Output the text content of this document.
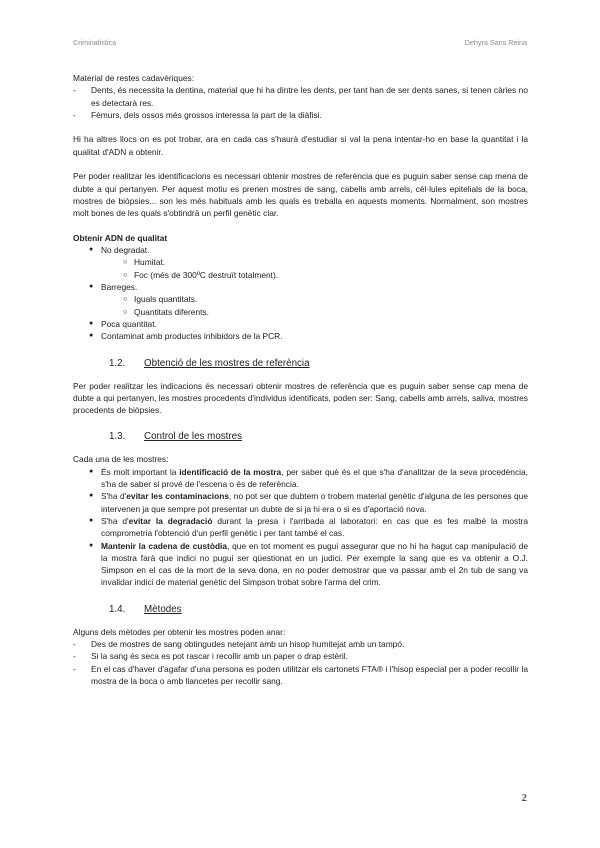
Criminalística	Dehyra Sans Reina

Material de restes cadavèriques:

- Dents, és necessita la dentina, material que hi ha dintre les dents, per tant han de ser dents sanes, si tenen càries no es detectarà res.
- Fèmurs, dels ossos més grossos interessa la part de la diàfisi.

Hi ha altres llocs on es pot trobar, ara en cada cas s'haurà d'estudiar si val la pena intentar-ho en base la quantitat i la qualitat d'ADN a obtenir.

Per poder realitzar les identificacions es necessari obtenir mostres de referència que es puguin saber sense cap mena de dubte a qui pertanyen. Per aquest motiu es prenen mostres de sang, cabells amb arrels, cèl·lules epitelials de la boca, mostres de biòpsies... son les més habituals amb les quals es treballa en aquests moments. Normalment, son mostres molt bones de les quals s'obtindrà un perfil genètic clar.

Obtenir ADN de qualitat

● No degradat.
○ Humitat.
○ Foc (més de 300ºC destruït totalment).
● Barreges.
○ Iguals quantitats.
○ Quantitats diferents.
● Poca quantitat.
● Contaminat amb productes inhibidors de la PCR.
1.2.	Obtenció de les mostres de referència

Per poder realitzar les indicacions és necessari obtenir mostres de referència que es puguin saber sense cap mena de dubte a qui pertanyen, les mostres procedents d'individus identificats, poden ser: Sang, cabells amb arrels, saliva, mostres procedents de biòpsies.

1.3.	Control de les mostres

Cada una de les mostres:

● És molt important la identificació de la mostra, per saber què és el que s'ha d'analitzar de la seva procedència, s'ha de saber si prové de l'escena o és de referència.
● S'ha d'evitar les contaminacions, no pot ser que dubtem o trobem material genètic d'alguna de les persones que intervenen ja que sempre pot presentar un dubte de si ja hi era o si es d'aportació nova.
● S'ha d'evitar la degradació durant la presa i l'arribada al laboratori: en cas que es fes malbé la mostra comprometria l'obtenció d'un perfil genètic i per tant també el cas.
● Mantenir la cadena de custòdia, que en tot moment es pugui assegurar que no hi ha hagut cap manipulació de la mostra farà que indici no pugui ser qüestionat en un judici. Per exemple la sang que es va obtenir a O.J. Simpson en el cas de la mort de la seva dona, en no poder demostrar que va passar amb el 2n tub de sang va invalidar indici de material genètic del Simpson trobat sobre l'arma del crim.
1.4.	Mètodes

Alguns dels mètodes per obtenir les mostres poden anar:

- Des de mostres de sang obtingudes netejant amb un hisop humitejat amb un tampó.
- Si la sang és seca es pot rascar i recollir amb un paper o drap estèril.
- En el cas d'haver d'agafar d'una persona es poden utilitzar els cartonets FTA® i l'hisop especial per a poder recollir la mostra de la boca o amb llancetes per recollir sang.
2
